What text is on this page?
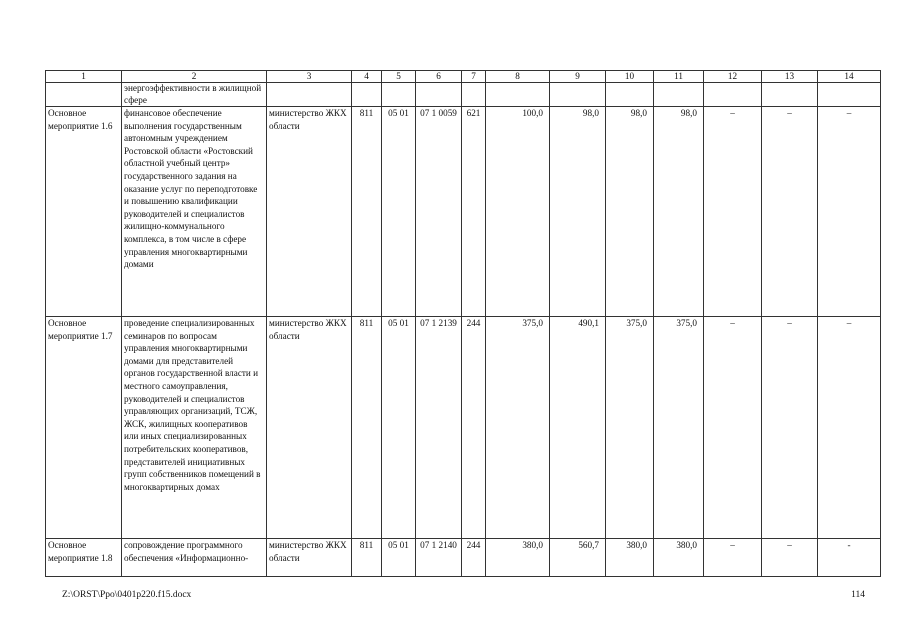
1	2	3	4	5	6	7	8	9	10	11	12	13	14
	энергоэффективности в жилищной сфере												
Основное мероприятие 1.6	финансовое обеспечение выполнения государственным автономным учреждением Ростовской области «Ростовский областной учебный центр» государственного задания на оказание услуг по переподготовке и повышению квалификации руководителей и специалистов жилищно-коммунального комплекса, в том числе в сфере управления многоквартирными домами	министерство ЖКХ области	811	05 01	07 1 0059	621	100,0	98,0	98,0	98,0	–	–	–
Основное мероприятие 1.7	проведение специализированных семинаров по вопросам управления многоквартирными домами для представителей органов государственной власти и местного самоуправления, руководителей и специалистов управляющих организаций, ТСЖ, ЖСК, жилищных кооперативов или иных специализированных потребительских кооперативов, представителей инициативных групп собственников помещений в многоквартирных домах	министерство ЖКХ области	811	05 01	07 1 2139	244	375,0	490,1	375,0	375,0	–	–	–
Основное мероприятие 1.8	сопровождение программного обеспечения «Информационно-	министерство ЖКХ области	811	05 01	07 1 2140	244	380,0	560,7	380,0	380,0	–	–	-
Z:\ORST\Ppo\0401p220.f15.docx	114
